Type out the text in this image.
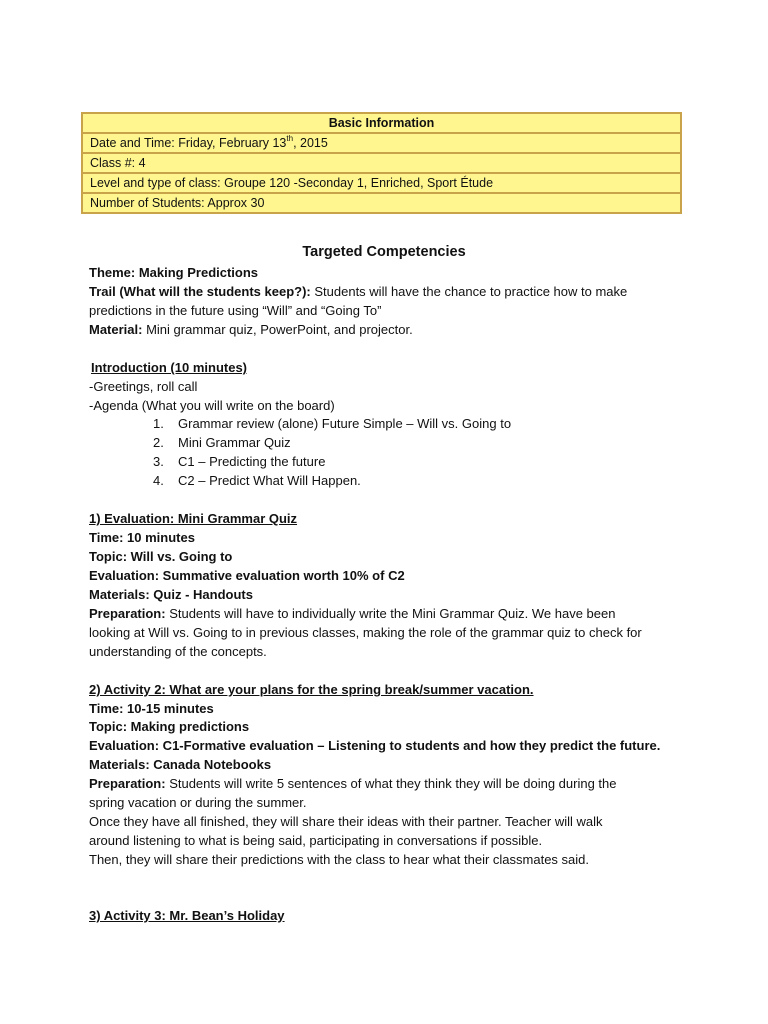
Basic Information
Date and Time: Friday, February 13th, 2015
Class #: 4
Level and type of class: Groupe 120 -Seconday 1, Enriched, Sport Étude
Number of Students: Approx 30
Targeted Competencies
Theme: Making Predictions
Trail (What will the students keep?): Students will have the chance to practice how to make
predictions in the future using “Will” and “Going To”
Material: Mini grammar quiz, PowerPoint, and projector.
Introduction (10 minutes)
-Greetings, roll call
-Agenda (What you will write on the board)
1. Grammar review (alone) Future Simple – Will vs. Going to
2. Mini Grammar Quiz
3. C1 – Predicting the future
4. C2 – Predict What Will Happen.
1) Evaluation: Mini Grammar Quiz
Time: 10 minutes
Topic: Will vs. Going to
Evaluation: Summative evaluation worth 10% of C2
Materials: Quiz - Handouts
Preparation: Students will have to individually write the Mini Grammar Quiz. We have been
looking at Will vs. Going to in previous classes, making the role of the grammar quiz to check for
understanding of the concepts.
2) Activity 2: What are your plans for the spring break/summer vacation.
Time: 10-15 minutes
Topic: Making predictions
Evaluation: C1-Formative evaluation – Listening to students and how they predict the future.
Materials: Canada Notebooks
Preparation: Students will write 5 sentences of what they think they will be doing during the
spring vacation or during the summer.
Once they have all finished, they will share their ideas with their partner. Teacher will walk
around listening to what is being said, participating in conversations if possible.
Then, they will share their predictions with the class to hear what their classmates said.
3) Activity 3: Mr. Bean’s Holiday
